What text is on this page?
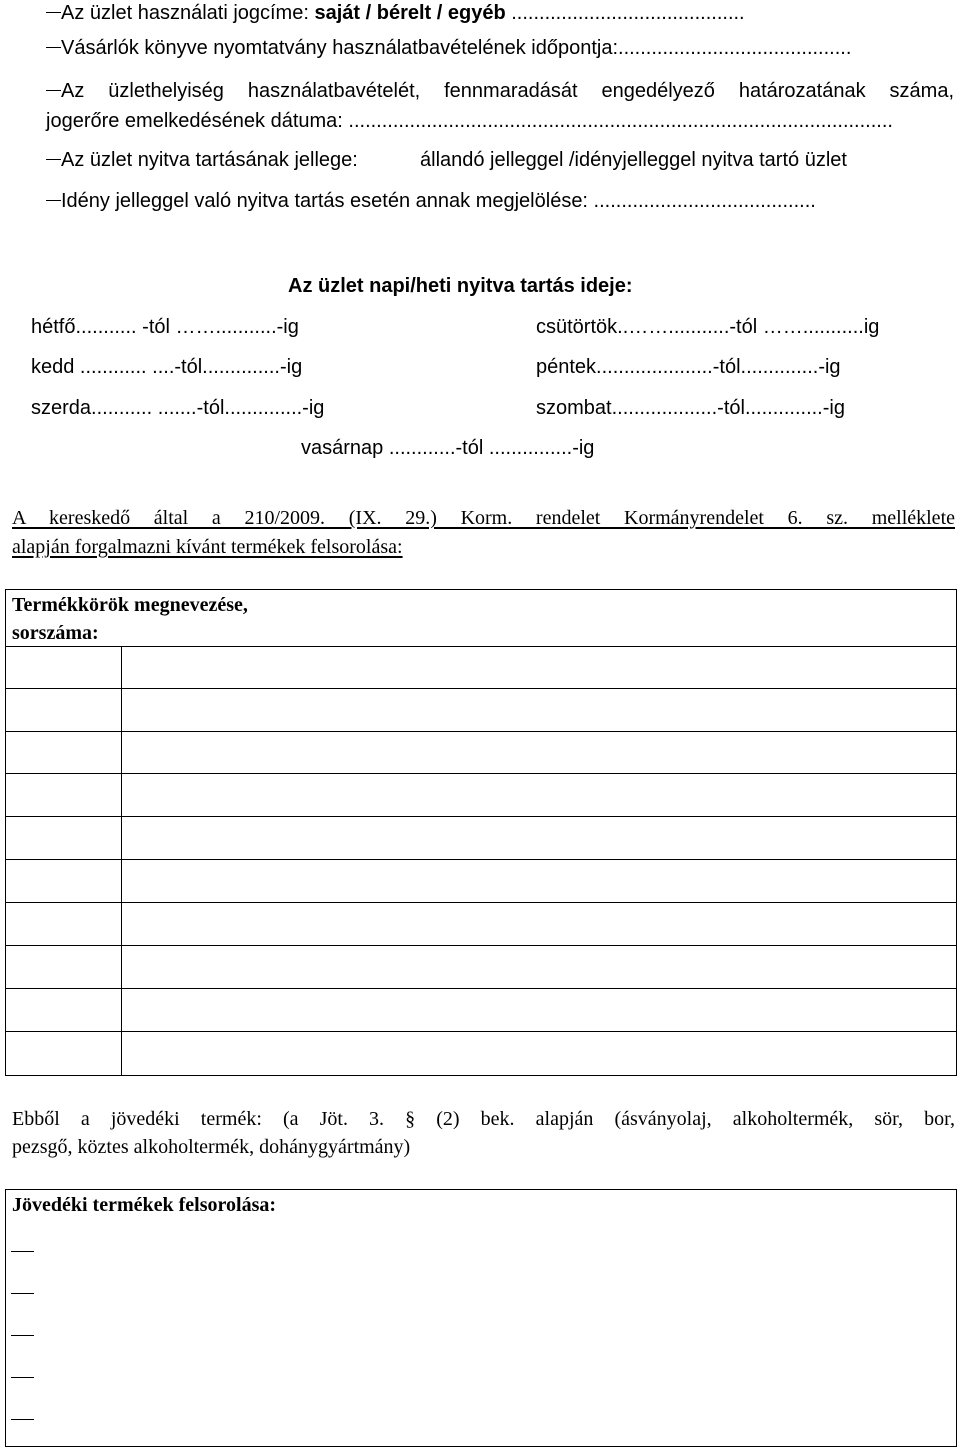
Az üzlet használati jogcíme: saját / bérelt / egyéb ..........................................
Vásárlók könyve nyomtatvány használatbavételének időpontja:..........................................
Az üzlethelyiség használatbavételét, fennmaradását engedélyező határozatának száma,
jogerőre emelkedésének dátuma: ..................................................................................................
Az üzlet nyitva tartásának jellege:	állandó jelleggel /idényjelleggel nyitva tartó üzlet
Idény jelleggel való nyitva tartás esetén annak megjelölése: ........................................
Az üzlet napi/heti nyitva tartás ideje:
hétfő........... -tól ……...........-ig	csütörtök..……...........-tól ……...........ig
kedd ............ ....-tól..............-ig	péntek.....................-tól..............-ig
szerda........... .......-tól..............-ig	szombat...................-tól..............-ig
vasárnap ............-tól ...............-ig
A kereskedő által a 210/2009. (IX. 29.) Korm. rendelet Kormányrendelet 6. sz. melléklete
alapján forgalmazni kívánt termékek felsorolása:
Termékkörök megnevezése,
sorszáma:
Ebből a jövedéki termék: (a Jöt. 3. § (2) bek. alapján (ásványolaj, alkoholtermék, sör, bor,
pezsgő, köztes alkoholtermék, dohánygyártmány)
Jövedéki termékek felsorolása:
